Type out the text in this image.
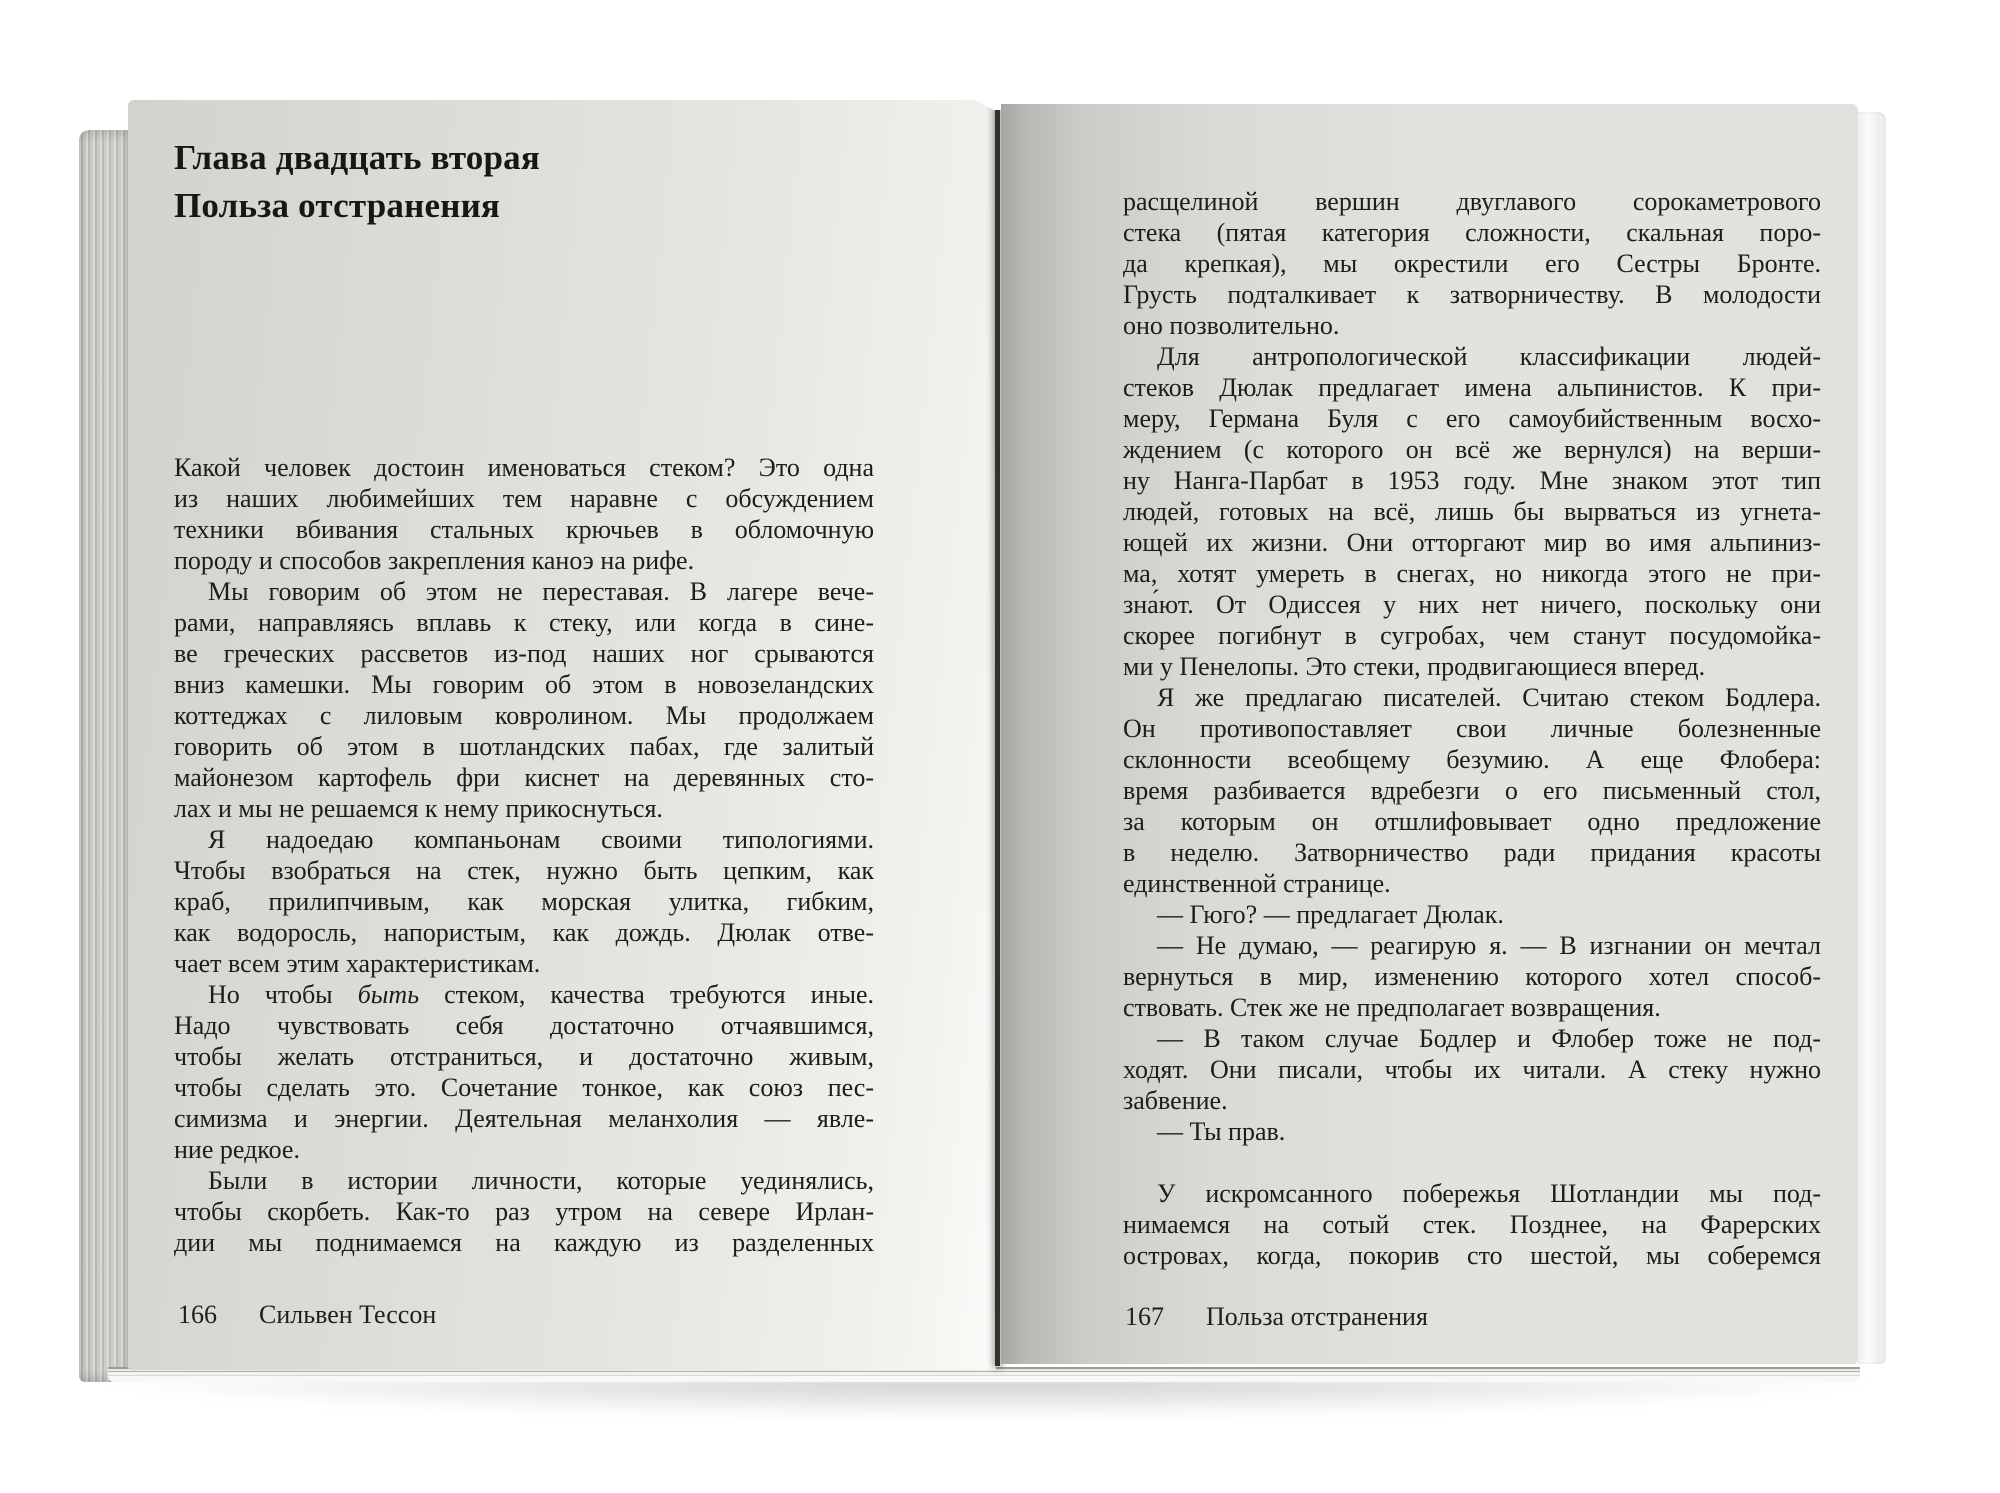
Глава двадцать вторая
Польза отстранения
Какой человек достоин именоваться стеком? Это одна
из наших любимейших тем наравне с обсуждением
техники вбивания стальных крючьев в обломочную
породу и способов закрепления каноэ на рифе.
Мы говорим об этом не переставая. В лагере вече-
рами, направляясь вплавь к стеку, или когда в сине-
ве греческих рассветов из-под наших ног срываются
вниз камешки. Мы говорим об этом в новозеландских
коттеджах с лиловым ковролином. Мы продолжаем
говорить об этом в шотландских пабах, где залитый
майонезом картофель фри киснет на деревянных сто-
лах и мы не решаемся к нему прикоснуться.
Я надоедаю компаньонам своими типологиями.
Чтобы взобраться на стек, нужно быть цепким, как
краб, прилипчивым, как морская улитка, гибким,
как водоросль, напористым, как дождь. Дюлак отве-
чает всем этим характеристикам.
Но чтобы быть стеком, качества требуются иные.
Надо чувствовать себя достаточно отчаявшимся,
чтобы желать отстраниться, и достаточно живым,
чтобы сделать это. Сочетание тонкое, как союз пес-
симизма и энергии. Деятельная меланхолия — явле-
ние редкое.
Были в истории личности, которые уединялись,
чтобы скорбеть. Как-то раз утром на севере Ирлан-
дии мы поднимаемся на каждую из разделенных
166 Сильвен Тессон
расщелиной вершин двуглавого сорокаметрового
стека (пятая категория сложности, скальная поро-
да крепкая), мы окрестили его Сестры Бронте.
Грусть подталкивает к затворничеству. В молодости
оно позволительно.
Для антропологической классификации людей-
стеков Дюлак предлагает имена альпинистов. К при-
меру, Германа Буля с его самоубийственным восхо-
ждением (с которого он всё же вернулся) на верши-
ну Нанга-Парбат в 1953 году. Мне знаком этот тип
людей, готовых на всё, лишь бы вырваться из угнета-
ющей их жизни. Они отторгают мир во имя альпиниз-
ма, хотят умереть в снегах, но никогда этого не при-
зна́ют. От Одиссея у них нет ничего, поскольку они
скорее погибнут в сугробах, чем станут посудомойка-
ми у Пенелопы. Это стеки, продвигающиеся вперед.
Я же предлагаю писателей. Считаю стеком Бодлера.
Он противопоставляет свои личные болезненные
склонности всеобщему безумию. А еще Флобера:
время разбивается вдребезги о его письменный стол,
за которым он отшлифовывает одно предложение
в неделю. Затворничество ради придания красоты
единственной странице.
— Гюго? — предлагает Дюлак.
— Не думаю, — реагирую я. — В изгнании он мечтал
вернуться в мир, изменению которого хотел способ-
ствовать. Стек же не предполагает возвращения.
— В таком случае Бодлер и Флобер тоже не под-
ходят. Они писали, чтобы их читали. А стеку нужно
забвение.
— Ты прав.
У искромсанного побережья Шотландии мы под-
нимаемся на сотый стек. Позднее, на Фарерских
островах, когда, покорив сто шестой, мы соберемся
167 Польза отстранения
